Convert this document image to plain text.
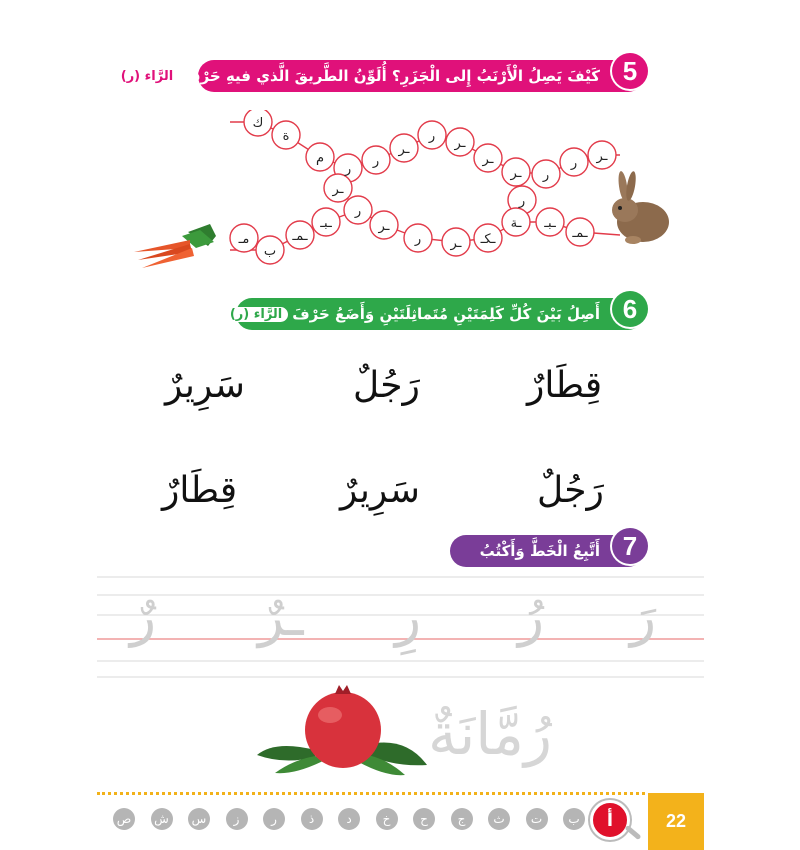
5
كَيْفَ يَصِلُ الْأَرْنَبُ إِلى الْجَزَرِ؟ أُلَوِّنُ الطَّريقَ الَّذي فيهِ حَرْفُ
الرَّاء (ر)
ك
ة
م
ر
ـر
ر
ـر
ر ـر
ـر
ـر ر
ر ـر
ر
ر
ـر
ر ـر ـكـ
ـة ـبـ
ـمـ
ب
ـمـ
ـبـ
مـ
6
أَصِلُ بَيْنَ كُلِّ كَلِمَتَيْنِ مُتَماثِلَتَيْنِ وَأَضَعُ حَرْفَ
الرَّاء (ر)
في دائِرَةٍ
قِطَارٌ
رَجُلٌ
سَرِيرٌ
رَجُلٌ
سَرِيرٌ
قِطَارٌ
7
أَتَّبِعُ الْخَطَّ وَأَكْتُبُ
رَ
رُ
رِ
ـرٌ
رٌ
رُمَّانَةٌ
ب
ت
ث
ج
ح
خ
د
ذ
ر
ز
س
ش
ص	أ	22
